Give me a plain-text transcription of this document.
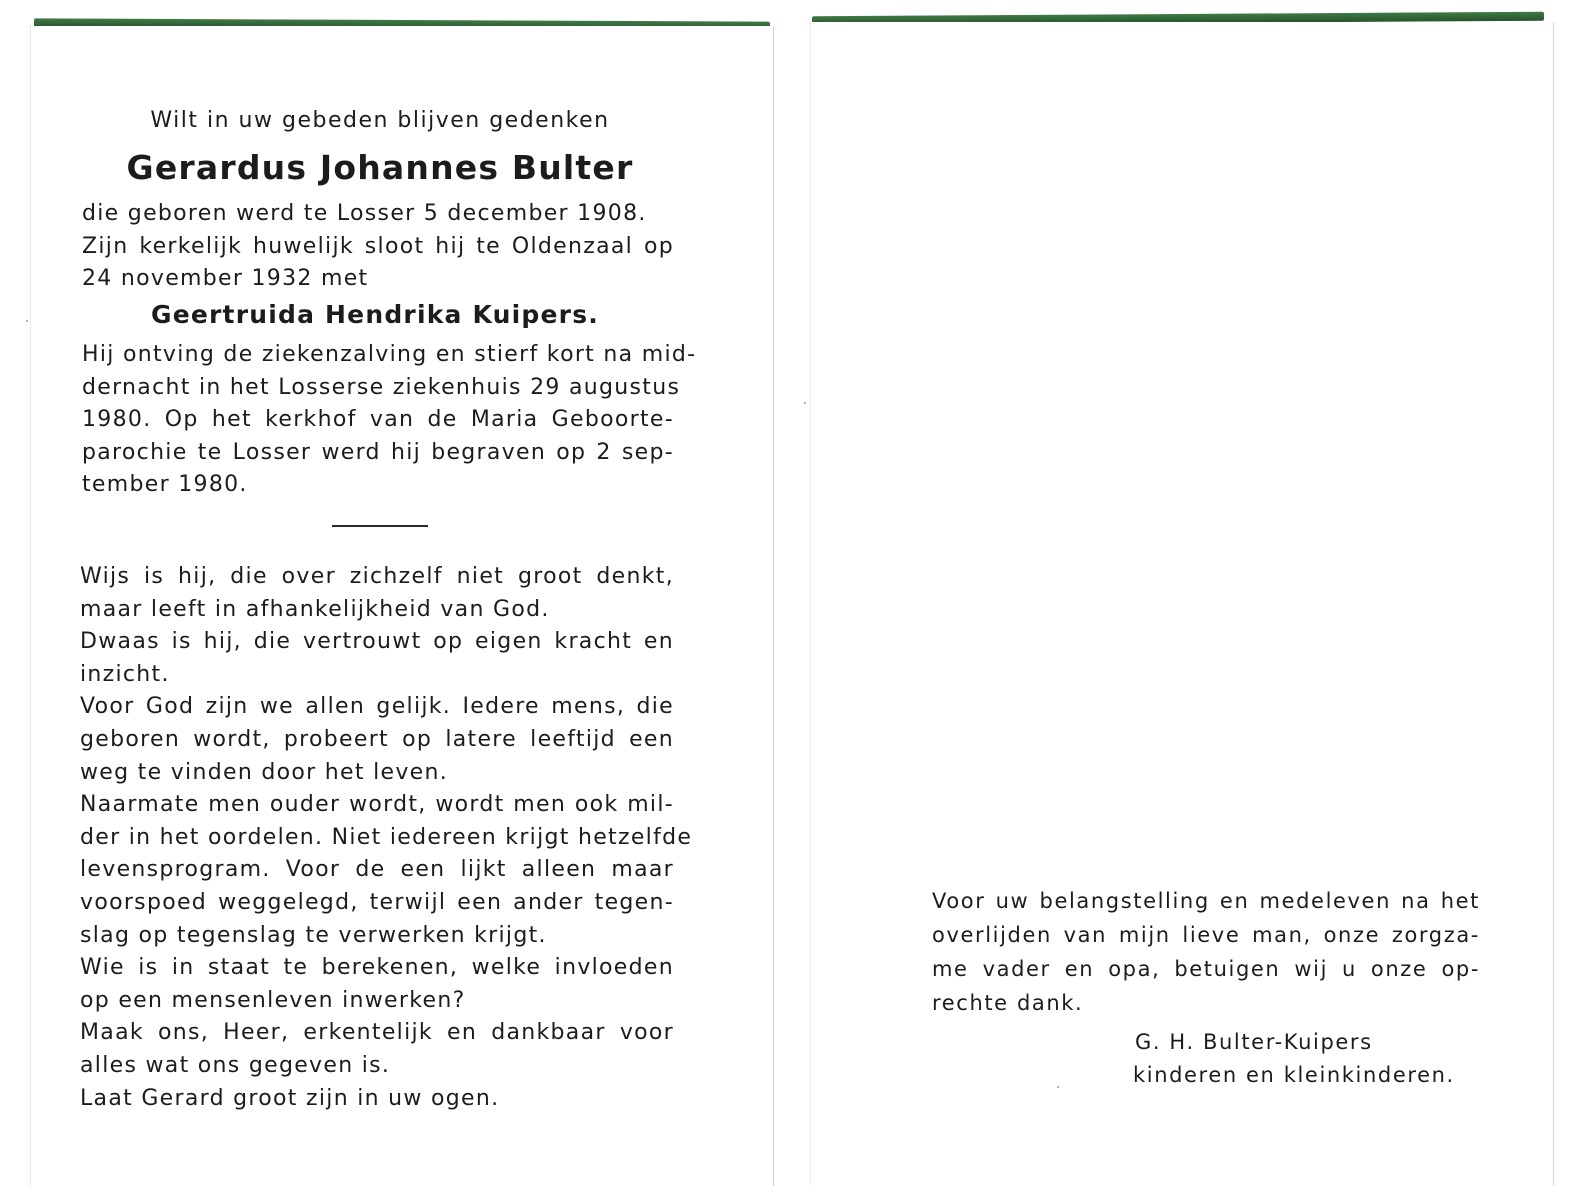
Wilt in uw gebeden blijven gedenken
Gerardus Johannes Bulter
die geboren werd te Losser 5 december 1908.
Zijn kerkelijk huwelijk sloot hij te Oldenzaal op
24 november 1932 met
Geertruida Hendrika Kuipers.
Hij ontving de ziekenzalving en stierf kort na mid-
dernacht in het Losserse ziekenhuis 29 augustus
1980. Op het kerkhof van de Maria Geboorte-
parochie te Losser werd hij begraven op 2 sep-
tember 1980.
Wijs is hij, die over zichzelf niet groot denkt,
maar leeft in afhankelijkheid van God.
Dwaas is hij, die vertrouwt op eigen kracht en
inzicht.
Voor God zijn we allen gelijk. Iedere mens, die
geboren wordt, probeert op latere leeftijd een
weg te vinden door het leven.
Naarmate men ouder wordt, wordt men ook mil-
der in het oordelen. Niet iedereen krijgt hetzelfde
levensprogram. Voor de een lijkt alleen maar
voorspoed weggelegd, terwijl een ander tegen-
slag op tegenslag te verwerken krijgt.
Wie is in staat te berekenen, welke invloeden
op een mensenleven inwerken?
Maak ons, Heer, erkentelijk en dankbaar voor
alles wat ons gegeven is.
Laat Gerard groot zijn in uw ogen.
Voor uw belangstelling en medeleven na het
overlijden van mijn lieve man, onze zorgza-
me vader en opa, betuigen wij u onze op-
rechte dank.
G. H. Bulter-Kuipers
kinderen en kleinkinderen.
